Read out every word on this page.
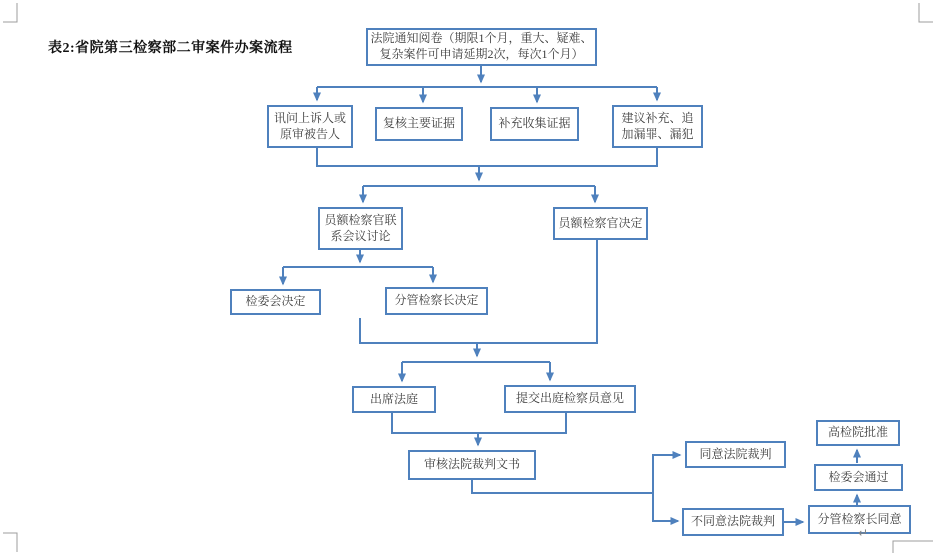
表2:省院第三检察部二审案件办案流程
法院通知阅卷（期限1个月，重大、疑难、复杂案件可申请延期2次，每次1个月）
讯问上诉人或原审被告人
复核主要证据	补充收集证据	建议补充、追加漏罪、漏犯
员额检察官联系会议讨论
员额检察官决定
检委会决定	分管检察长决定
出席法庭	提交出庭检察员意见
审核法院裁判文书
同意法院裁判
不同意法院裁判	分管检察长同意
检委会通过
高检院批准
↵
